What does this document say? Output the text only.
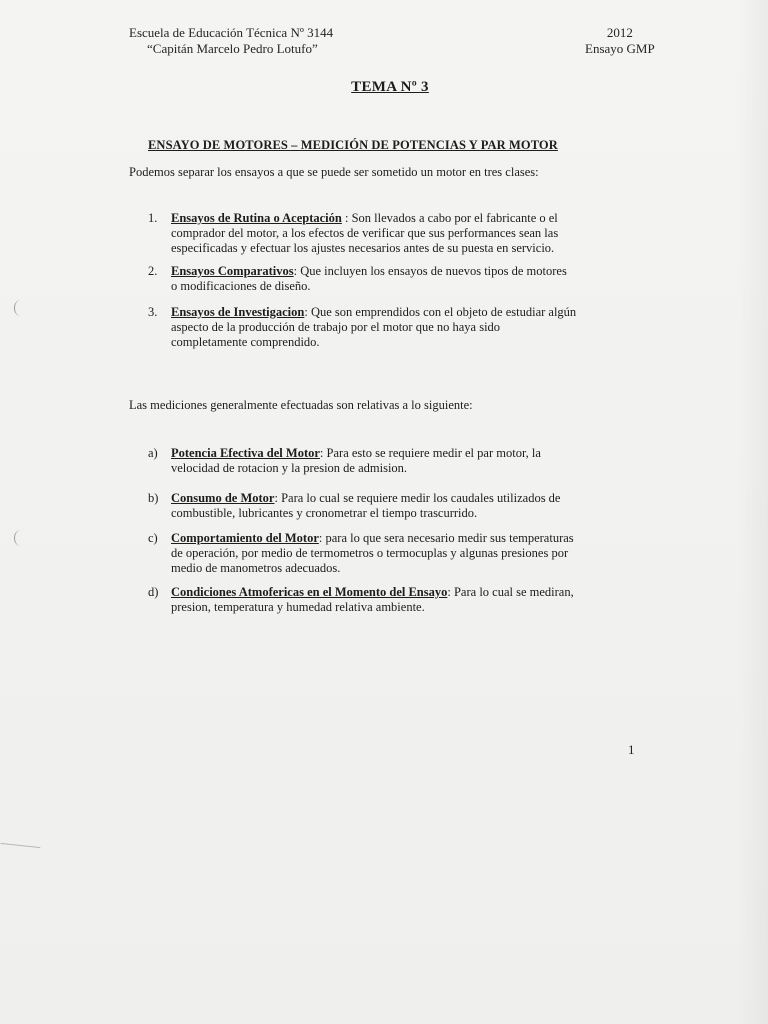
Escuela de Educación Técnica Nº 3144
“Capitán Marcelo Pedro Lotufo”
2012
Ensayo GMP
TEMA Nº 3
ENSAYO DE MOTORES – MEDICIÓN DE POTENCIAS Y PAR MOTOR
Podemos separar los ensayos a que se puede ser sometido un motor en tres clases:
1. Ensayos de Rutina o Aceptación : Son llevados a cabo por el fabricante o el
comprador del motor, a los efectos de verificar que sus performances sean las
especificadas y efectuar los ajustes necesarios antes de su puesta en servicio.
2. Ensayos Comparativos: Que incluyen los ensayos de nuevos tipos de motores
o modificaciones de diseño.
3. Ensayos de Investigacion: Que son emprendidos con el objeto de estudiar algún
aspecto de la producción de trabajo por el motor que no haya sido
completamente comprendido.
Las mediciones generalmente efectuadas son relativas a lo siguiente:
a) Potencia Efectiva del Motor: Para esto se requiere medir el par motor, la
velocidad de rotacion y la presion de admision.
b) Consumo de Motor: Para lo cual se requiere medir los caudales utilizados de
combustible, lubricantes y cronometrar el tiempo trascurrido.
c) Comportamiento del Motor: para lo que sera necesario medir sus temperaturas
de operación, por medio de termometros o termocuplas y algunas presiones por
medio de manometros adecuados.
d) Condiciones Atmofericas en el Momento del Ensayo: Para lo cual se mediran,
presion, temperatura y humedad relativa ambiente.
1
